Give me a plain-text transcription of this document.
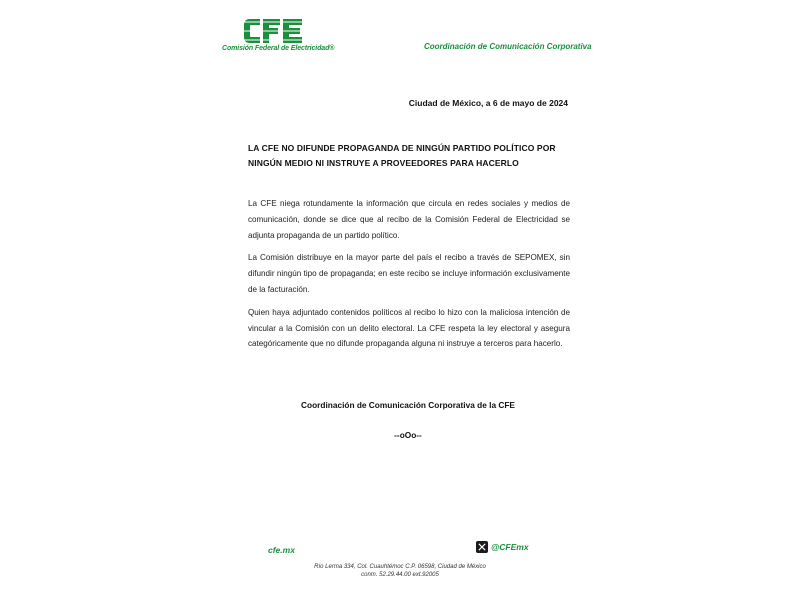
Comisión Federal de Electricidad®	Coordinación de Comunicación Corporativa
Ciudad de México, a 6 de mayo de 2024
LA CFE NO DIFUNDE PROPAGANDA DE NINGÚN PARTIDO POLÍTICO POR NINGÚN MEDIO NI INSTRUYE A PROVEEDORES PARA HACERLO

La CFE niega rotundamente la información que circula en redes sociales y medios de comunicación, donde se dice que al recibo de la Comisión Federal de Electricidad se adjunta propaganda de un partido político.

La Comisión distribuye en la mayor parte del país el recibo a través de SEPOMEX, sin difundir ningún tipo de propaganda; en este recibo se incluye información exclusivamente de la facturación.

Quien haya adjuntado contenidos políticos al recibo lo hizo con la maliciosa intención de vincular a la Comisión con un delito electoral. La CFE respeta la ley electoral y asegura categóricamente que no difunde propaganda alguna ni instruye a terceros para hacerlo.

Coordinación de Comunicación Corporativa de la CFE
--oOo--
cfe.mx	@CFEmx
Río Lerma 334, Col. Cuauhtémoc C.P. 06598, Ciudad de México
conm. 52.29.44.00 ext.92005
